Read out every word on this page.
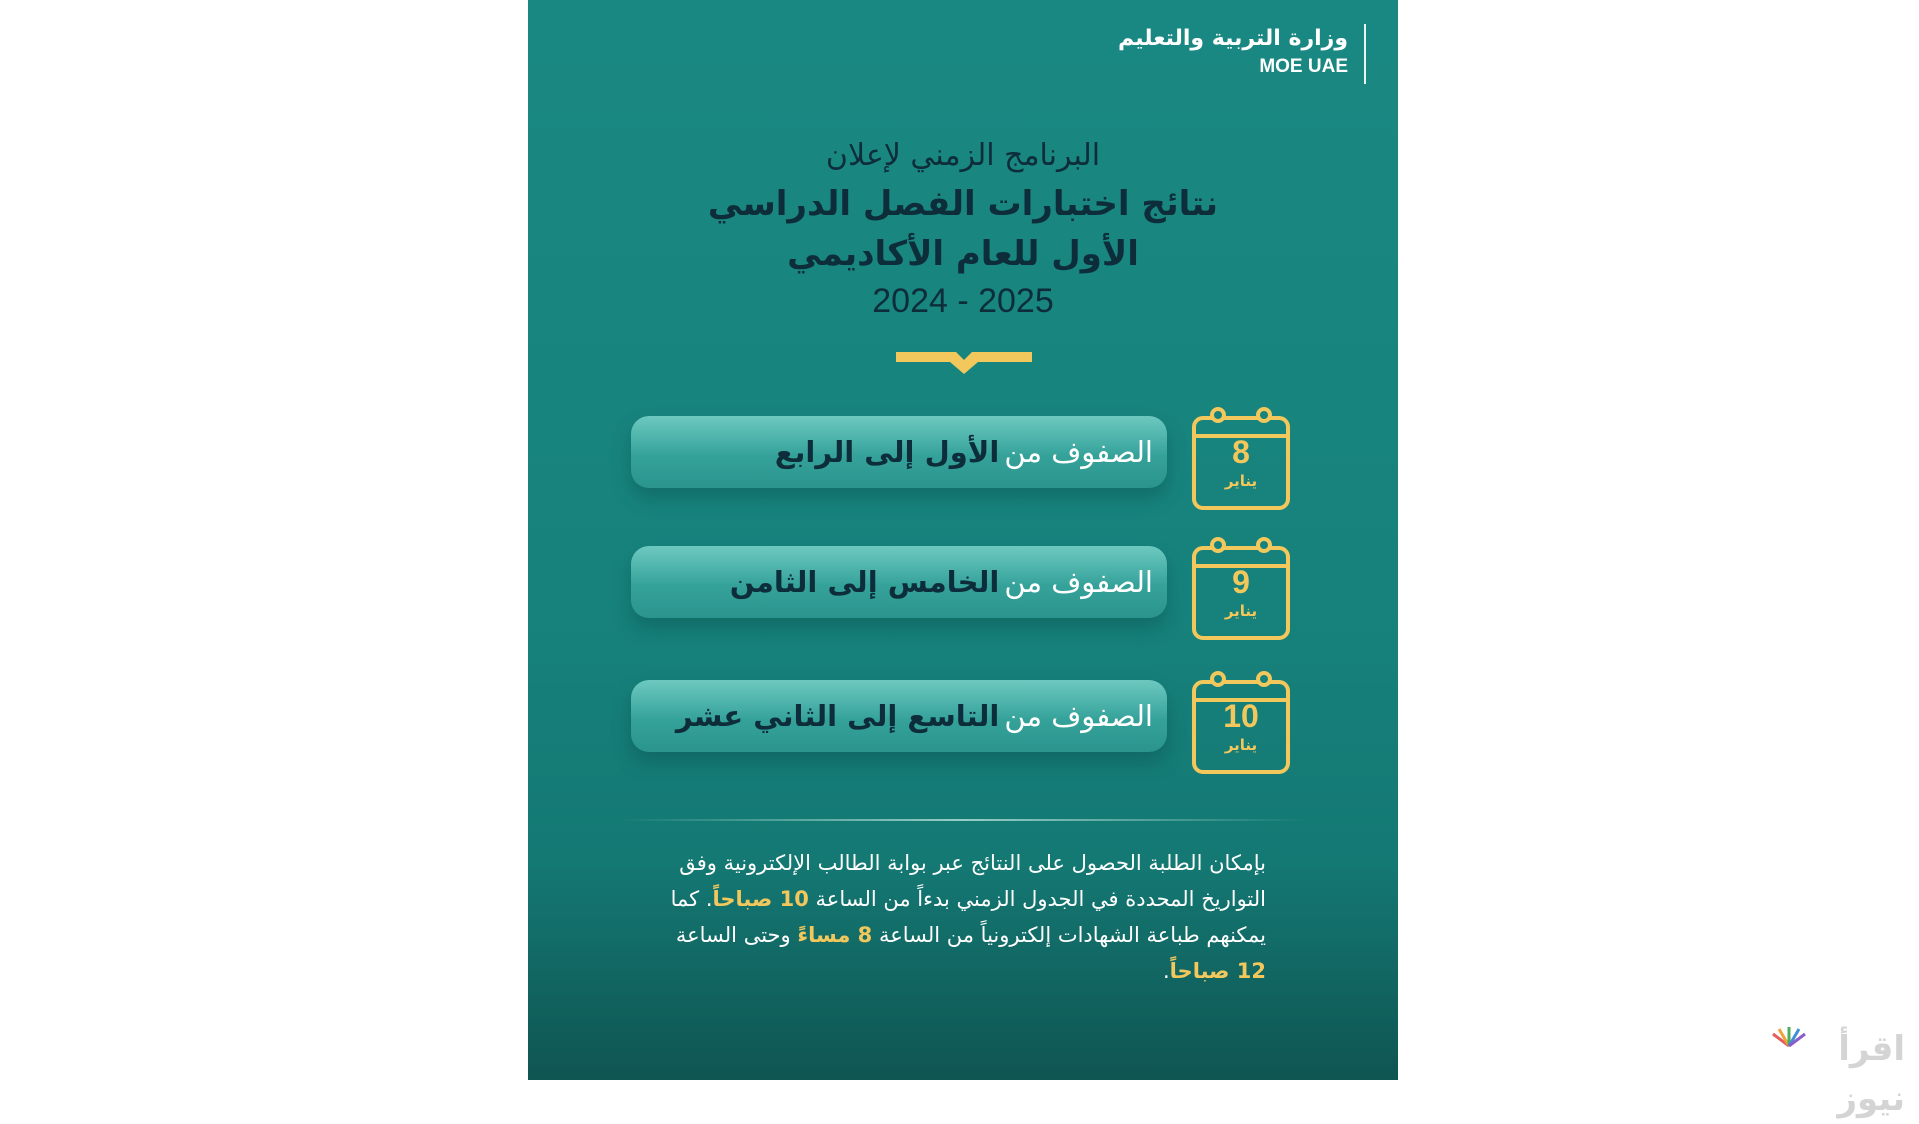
وزارة التربية والتعليم
MOE UAE
البرنامج الزمني لإعلان
نتائج اختبارات الفصل الدراسي
الأول للعام الأكاديمي
2024 - 2025
الصفوف من

الأول إلى الرابع	8
يناير
الصفوف من

الخامس إلى الثامن	9
يناير
الصفوف من

التاسع إلى الثاني عشر	10
يناير
بإمكان الطلبة الحصول على النتائج عبر بوابة الطالب الإلكترونية وفق التواريخ المحددة في الجدول الزمني بدءاً من الساعة 10 صباحاً. كما يمكنهم طباعة الشهادات إلكترونياً من الساعة 8 مساءً وحتى الساعة 12 صباحاً.
اقرأ نيوز
